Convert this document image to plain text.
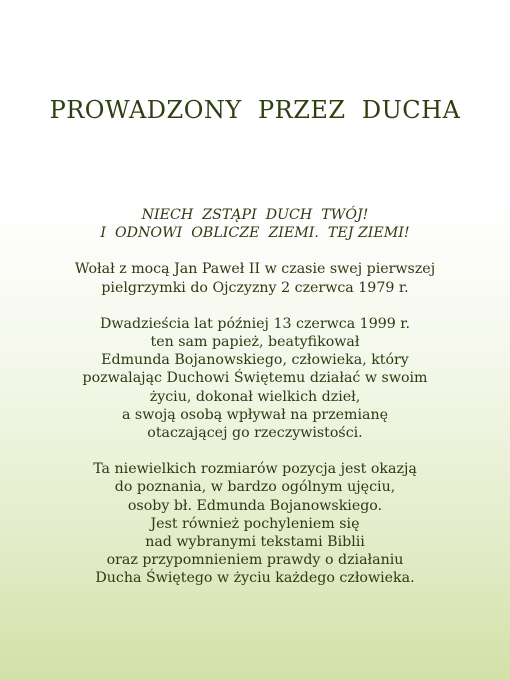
PROWADZONY  PRZEZ  DUCHA

NIECH  ZSTĄPI  DUCH  TWÓJ!
I  ODNOWI  OBLICZE  ZIEMI.  TEJ ZIEMI!

Wołał z mocą Jan Paweł II w czasie swej pierwszej
pielgrzymki do Ojczyzny 2 czerwca 1979 r.

Dwadzieścia lat później 13 czerwca 1999 r.
ten sam papież, beatyfikował
Edmunda Bojanowskiego, człowieka, który
pozwalając Duchowi Świętemu działać w swoim
życiu, dokonał wielkich dzieł,
a swoją osobą wpływał na przemianę
otaczającej go rzeczywistości.

Ta niewielkich rozmiarów pozycja jest okazją
do poznania, w bardzo ogólnym ujęciu,
osoby bł. Edmunda Bojanowskiego.
Jest również pochyleniem się
nad wybranymi tekstami Biblii
oraz przypomnieniem prawdy o działaniu
Ducha Świętego w życiu każdego człowieka.
